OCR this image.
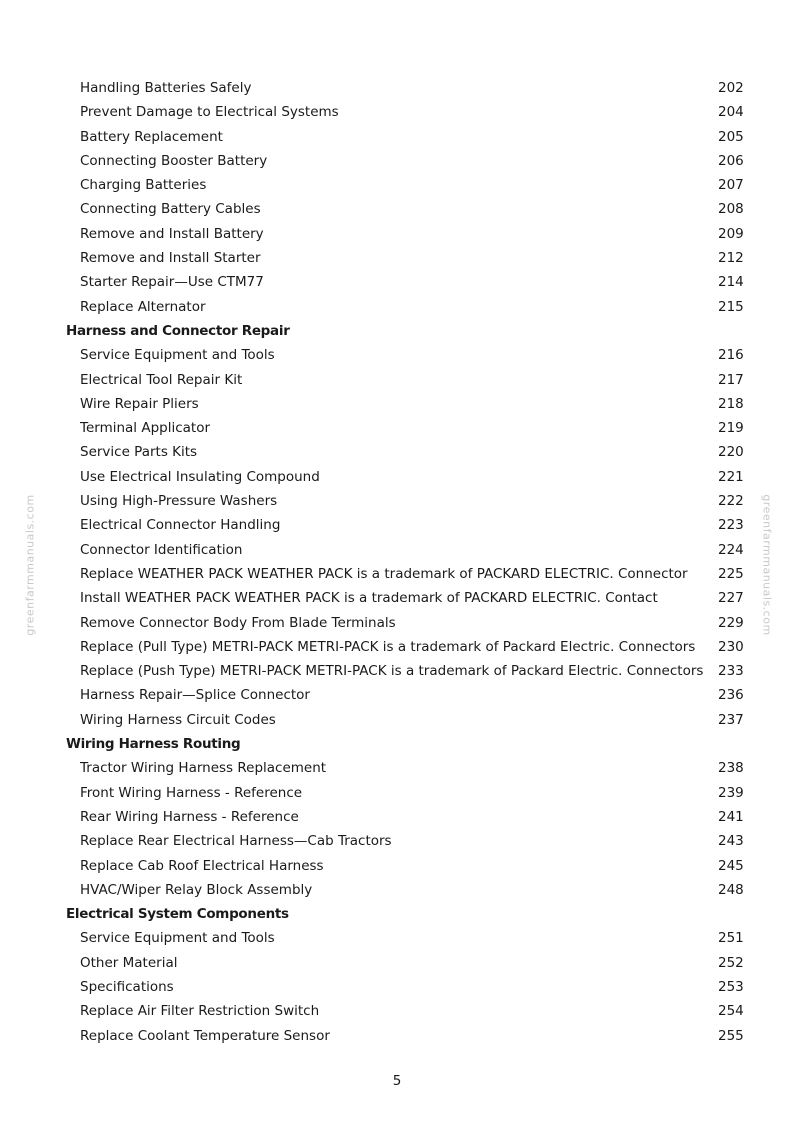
Handling Batteries Safely	202
Prevent Damage to Electrical Systems	204
Battery Replacement	205
Connecting Booster Battery	206
Charging Batteries	207
Connecting Battery Cables	208
Remove and Install Battery	209
Remove and Install Starter	212
Starter Repair—Use CTM77	214
Replace Alternator	215
Harness and Connector Repair
Service Equipment and Tools	216
Electrical Tool Repair Kit	217
Wire Repair Pliers	218
Terminal Applicator	219
Service Parts Kits	220
Use Electrical Insulating Compound	221
Using High-Pressure Washers	222
Electrical Connector Handling	223
Connector Identification	224
Replace WEATHER PACK WEATHER PACK is a trademark of PACKARD ELECTRIC. Connector 225
Install WEATHER PACK WEATHER PACK is a trademark of PACKARD ELECTRIC. Contact	227
Remove Connector Body From Blade Terminals	229
Replace (Pull Type) METRI-PACK METRI-PACK is a trademark of Packard Electric. Connectors 230
Replace (Push Type) METRI-PACK METRI-PACK is a trademark of Packard Electric. Connectors 233
Harness Repair—Splice Connector	236
Wiring Harness Circuit Codes	237
Wiring Harness Routing
Tractor Wiring Harness Replacement	238
Front Wiring Harness - Reference	239
Rear Wiring Harness - Reference	241
Replace Rear Electrical Harness—Cab Tractors	243
Replace Cab Roof Electrical Harness	245
HVAC/Wiper Relay Block Assembly	248
Electrical System Components
Service Equipment and Tools	251
Other Material	252
Specifications	253
Replace Air Filter Restriction Switch	254
Replace Coolant Temperature Sensor	255
greenfarmmanuals.com	greenfarmmanuals.com
5
